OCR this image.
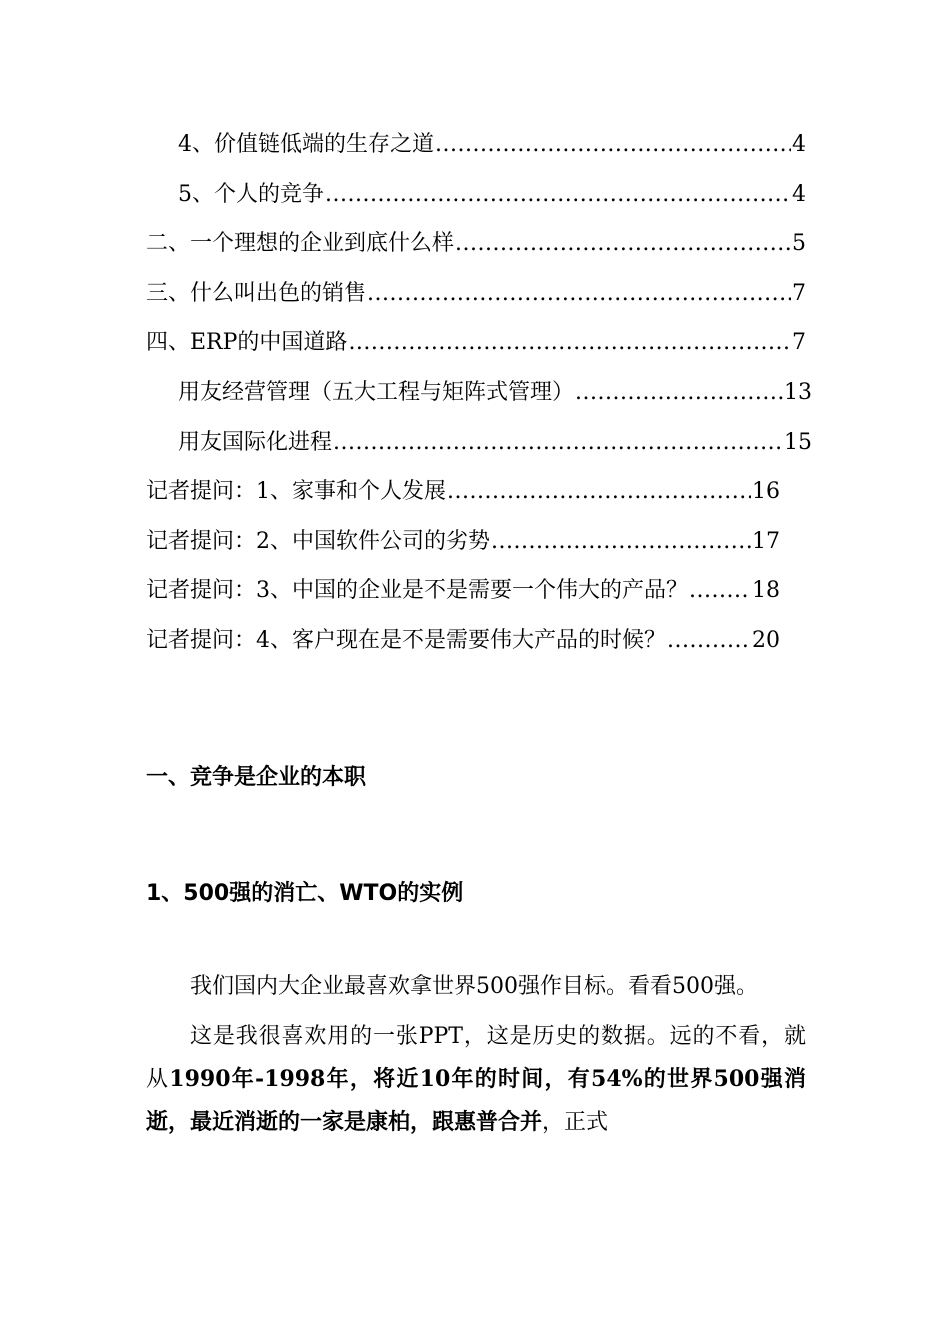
4、价值链低端的生存之道 .....	4
5、个人的竞争 .....	4
二、一个理想的企业到底什么样 .....	5
三、什么叫出色的销售 .....	7
四、ERP的中国道路 .....	7
用友经营管理（五大工程与矩阵式管理） .....	13
用友国际化进程 .....	15
记者提问：1、家事和个人发展 .....	16
记者提问：2、中国软件公司的劣势 .....	17
记者提问：3、中国的企业是不是需要一个伟大的产品？ .....	18
记者提问：4、客户现在是不是需要伟大产品的时候？ .....	20
一、竞争是企业的本职
1、500强的消亡、WTO的实例

我们国内大企业最喜欢拿世界500强作目标。看看500强。

这是我很喜欢用的一张PPT，这是历史的数据。远的不看，就从1990年-1998年，将近10年的时间，有54%的世界500强消逝，最近消逝的一家是康柏，跟惠普合并，正式
